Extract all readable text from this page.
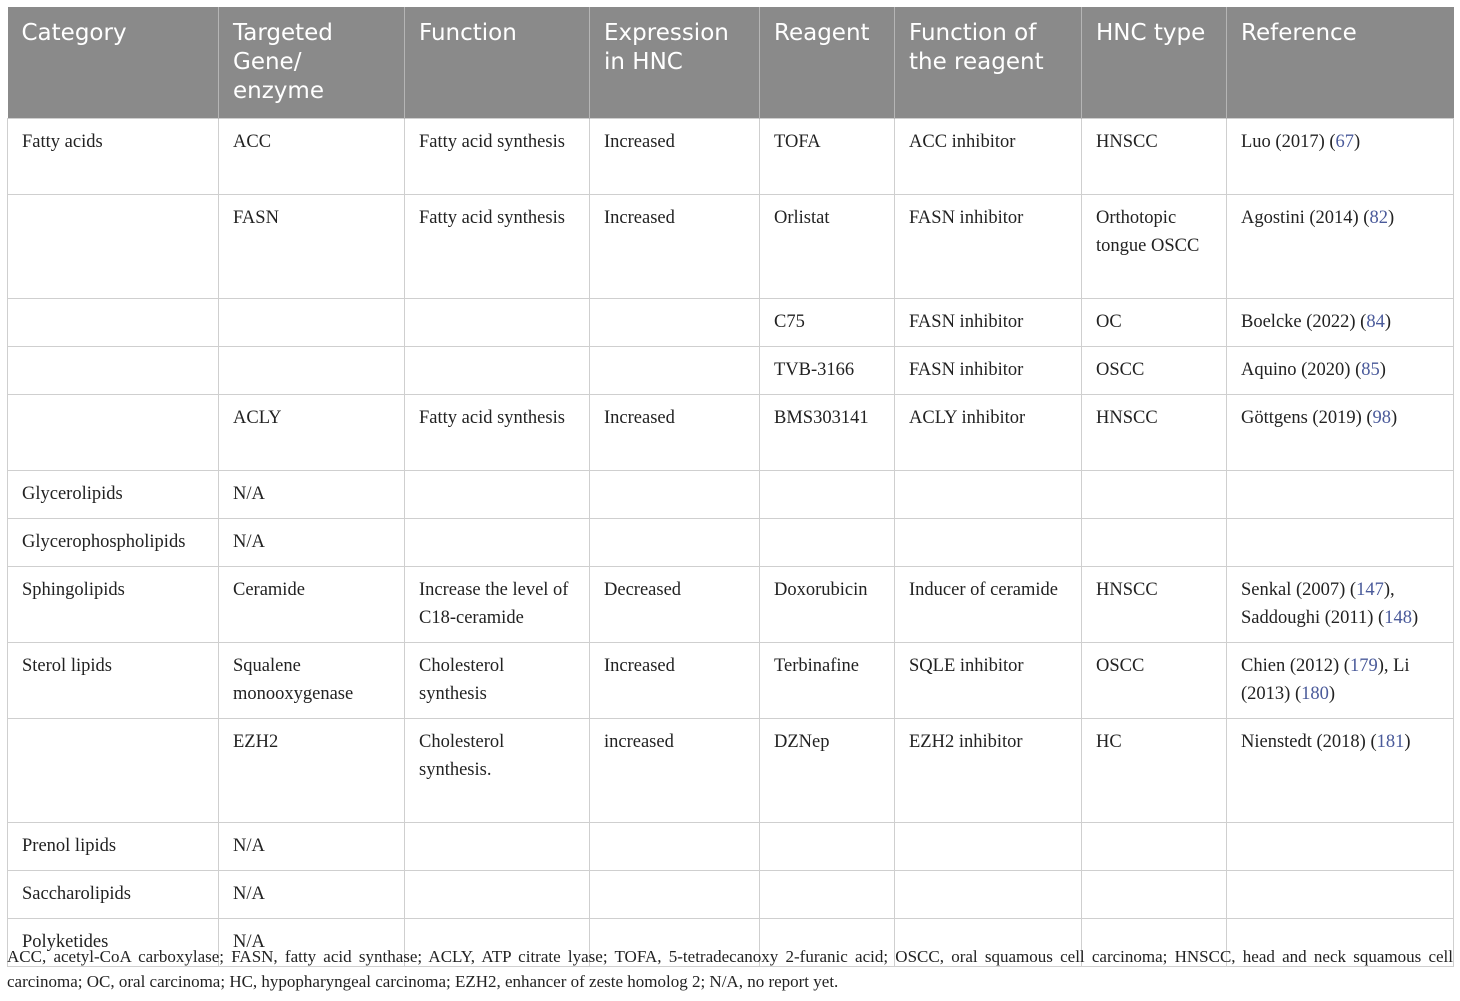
Category	Targeted Gene/ enzyme	Function	Expression in HNC	Reagent	Function of the reagent	HNC type	Reference
Fatty acids	ACC	Fatty acid synthesis	Increased	TOFA	ACC inhibitor	HNSCC	Luo (2017) (67)
	FASN	Fatty acid synthesis	Increased	Orlistat	FASN inhibitor	Orthotopic tongue OSCC	Agostini (2014) (82)
				C75	FASN inhibitor	OC	Boelcke (2022) (84)
				TVB-3166	FASN inhibitor	OSCC	Aquino (2020) (85)
	ACLY	Fatty acid synthesis	Increased	BMS303141	ACLY inhibitor	HNSCC	Göttgens (2019) (98)
Glycerolipids	N/A						
Glycerophospholipids	N/A						
Sphingolipids	Ceramide	Increase the level of C18-ceramide	Decreased	Doxorubicin	Inducer of ceramide	HNSCC	Senkal (2007) (147), Saddoughi (2011) (148)
Sterol lipids	Squalene monooxygenase	Cholesterol synthesis	Increased	Terbinafine	SQLE inhibitor	OSCC	Chien (2012) (179), Li (2013) (180)
	EZH2	Cholesterol synthesis.	increased	DZNep	EZH2 inhibitor	HC	Nienstedt (2018) (181)
Prenol lipids	N/A						
Saccharolipids	N/A						
Polyketides	N/A						
ACC, acetyl-CoA carboxylase; FASN, fatty acid synthase; ACLY, ATP citrate lyase; TOFA, 5-tetradecanoxy 2-furanic acid; OSCC, oral squamous cell carcinoma; HNSCC, head and neck squamous cell carcinoma; OC, oral carcinoma; HC, hypopharyngeal carcinoma; EZH2, enhancer of zeste homolog 2; N/A, no report yet.
